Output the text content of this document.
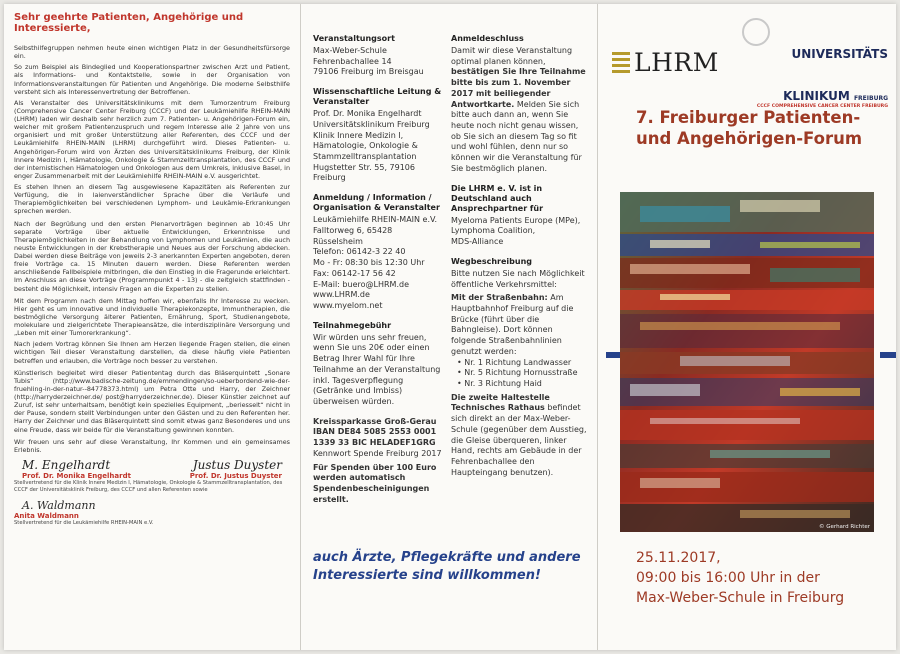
Sehr geehrte Patienten, Angehörige und Interessierte,

Selbsthilfegruppen nehmen heute einen wichtigen Platz in der Gesundheitsfürsorge ein.

So zum Beispiel als Bindeglied und Kooperationspartner zwischen Arzt und Patient, als Informations- und Kontaktstelle, sowie in der Organisation von Informationsveranstaltungen für Patienten und Angehörige. Die moderne Selbsthilfe versteht sich als Interessenvertretung der Betroffenen.

Als Veranstalter des Universitätsklinikums mit dem Tumorzentrum Freiburg (Comprehensive Cancer Center Freiburg (CCCF) und der Leukämiehilfe RHEIN-MAIN (LHRM) laden wir deshalb sehr herzlich zum 7. Patienten- u. Angehörigen-Forum ein, welcher mit großem Patientenzuspruch und regem Interesse alle 2 Jahre von uns organisiert und mit großer Unterstützung aller Referenten, des CCCF und der Leukämiehilfe RHEIN-MAIN (LHRM) durchgeführt wird. Dieses Patienten- u. Angehörigen-Forum wird von Ärzten des Universitätsklinikums Freiburg, der Klinik Innere Medizin I, Hämatologie, Onkologie & Stammzelltransplantation, des CCCF und der internistischen Hämatologen und Onkologen aus dem Umkreis, inklusive Basel, in enger Zusammenarbeit mit der Leukämiehilfe RHEIN-MAIN e.V. ausgerichtet.

Es stehen Ihnen an diesem Tag ausgewiesene Kapazitäten als Referenten zur Verfügung, die in laienverständlicher Sprache über die Verläufe und Therapiemöglichkeiten bei verschiedenen Lymphom- und Leukämie-Erkrankungen sprechen werden.

Nach der Begrüßung und den ersten Plenarvorträgen beginnen ab 10:45 Uhr separate Vorträge über aktuelle Entwicklungen, Erkenntnisse und Therapiemöglichkeiten in der Behandlung von Lymphomen und Leukämien, die auch neuste Entwicklungen in der Krebstherapie und Neues aus der Forschung abdecken. Dabei werden diese Beiträge von jeweils 2-3 anerkannten Experten angeboten, deren freie Vorträge ca. 15 Minuten dauern werden. Diese Referenten werden anschließende Fallbeispiele mitbringen, die den Einstieg in die Fragerunde erleichtert. Im Anschluss an diese Vorträge (Programmpunkt 4 - 13) - die zeitgleich stattfinden - besteht die Möglichkeit, intensiv Fragen an die Experten zu stellen.

Mit dem Programm nach dem Mittag hoffen wir, ebenfalls Ihr Interesse zu wecken. Hier geht es um innovative und individuelle Therapiekonzepte, Immuntherapien, die bestmögliche Versorgung älterer Patienten, Ernährung, Sport, Studienangebote, molekulare und zielgerichtete Therapieansätze, die interdisziplinäre Versorgung und „Leben mit einer Tumorerkrankung“.

Nach jedem Vortrag können Sie Ihnen am Herzen liegende Fragen stellen, die einen wichtigen Teil dieser Veranstaltung darstellen, da diese häufig viele Patienten betreffen und erlauben, die Vorträge noch besser zu verstehen.

Künstlerisch begleitet wird dieser Patiententag durch das Bläserquintett „Sonare Tubis“ (http://www.badische-zeitung.de/emmendingen/so-ueberbordend-wie-der-fruehling-in-der-natur--84778373.html) um Petra Otte und Harry, der Zeichner (http://harryderzeichner.de/ post@harryderzeichner.de). Dieser Künstler zeichnet auf Zuruf, ist sehr unterhaltsam, benötigt kein spezielles Equipment, „beriesselt“ nicht in der Pause, sondern stellt Verbindungen unter den Gästen und zu den Referenten her. Harry der Zeichner und das Bläserquintett sind somit etwas ganz Besonderes und uns eine Freude, dass wir beide für die Veranstaltung gewinnen konnten.

Wir freuen uns sehr auf diese Veranstaltung, Ihr Kommen und ein gemeinsames Erlebnis.

M. Engelhardt	Justus Duyster
Prof. Dr. Monika Engelhardt	Prof. Dr. Justus Duyster
Stellvertretend für die Klinik Innere Medizin I, Hämatologie, Onkologie & Stammzelltransplantation, des CCCF der Universitätsklinik Freiburg, des CCCF und allen Referenten sowie
A. Waldmann
Anita Waldmann
Stellvertretend für die Leukämiehilfe RHEIN-MAIN e.V.
Veranstaltungsort
Max-Weber-Schule
Fehrenbachallee 14
79106 Freiburg im Breisgau
Wissenschaftliche Leitung & Veranstalter
Prof. Dr. Monika Engelhardt
Universitätsklinikum Freiburg
Klinik Innere Medizin I,
Hämatologie, Onkologie &
Stammzelltransplantation
Hugstetter Str. 55, 79106
Freiburg
Anmeldung / Information / Organisation & Veranstalter
Leukämiehilfe RHEIN-MAIN e.V.
Falltorweg 6, 65428 Rüsselsheim
Telefon: 06142-3 22 40
Mo - Fr: 08:30 bis 12:30 Uhr
Fax: 06142-17 56 42
E-Mail: buero@LHRM.de
www.LHRM.de
www.myelom.net
Teilnahmegebühr
Wir würden uns sehr freuen, wenn Sie uns 20€ oder einen Betrag Ihrer Wahl für Ihre Teilnahme an der Veranstaltung inkl. Tagesverpflegung (Getränke und Imbiss) überweisen würden.
Kreissparkasse Groß-Gerau
IBAN DE84 5085 2553 0001 1339 33 BIC HELADEF1GRG
Kennwort Spende Freiburg 2017
Für Spenden über 100 Euro werden automatisch Spendenbescheinigungen erstellt.
Anmeldeschluss
Damit wir diese Veranstaltung optimal planen können, bestätigen Sie Ihre Teilnahme bitte bis zum 1. November 2017 mit beiliegender Antwortkarte. Melden Sie sich bitte auch dann an, wenn Sie heute noch nicht genau wissen, ob Sie sich an diesem Tag so fit und wohl fühlen, denn nur so können wir die Veranstaltung für Sie bestmöglich planen.
Die LHRM e. V. ist in Deutschland auch Ansprechpartner für
Myeloma Patients Europe (MPe),
Lymphoma Coalition,
MDS-Alliance
Wegbeschreibung
Bitte nutzen Sie nach Möglichkeit öffentliche Verkehrsmittel:
Mit der Straßenbahn: Am Hauptbahnhof Freiburg auf die Brücke (führt über die Bahngleise). Dort können folgende Straßenbahnlinien genutzt werden:
• Nr. 1 Richtung Landwasser
• Nr. 5 Richtung Hornusstraße
• Nr. 3 Richtung Haid
Die zweite Haltestelle Technisches Rathaus befindet sich direkt an der Max-Weber-Schule (gegenüber dem Ausstieg, die Gleise überqueren, linker Hand, rechts am Gebäude in der Fehrenbachallee den Haupteingang benutzen).
auch Ärzte, Pflegekräfte und andere Interessierte sind willkommen!
LHRM	UNIVERSITÄTS
KLINIKUM FREIBURG
CCCF COMPREHENSIVE CANCER CENTER FREIBURG
7. Freiburger Patienten- und Angehörigen-Forum
© Gerhard Richter
25.11.2017,
09:00 bis 16:00 Uhr in der
Max-Weber-Schule in Freiburg
